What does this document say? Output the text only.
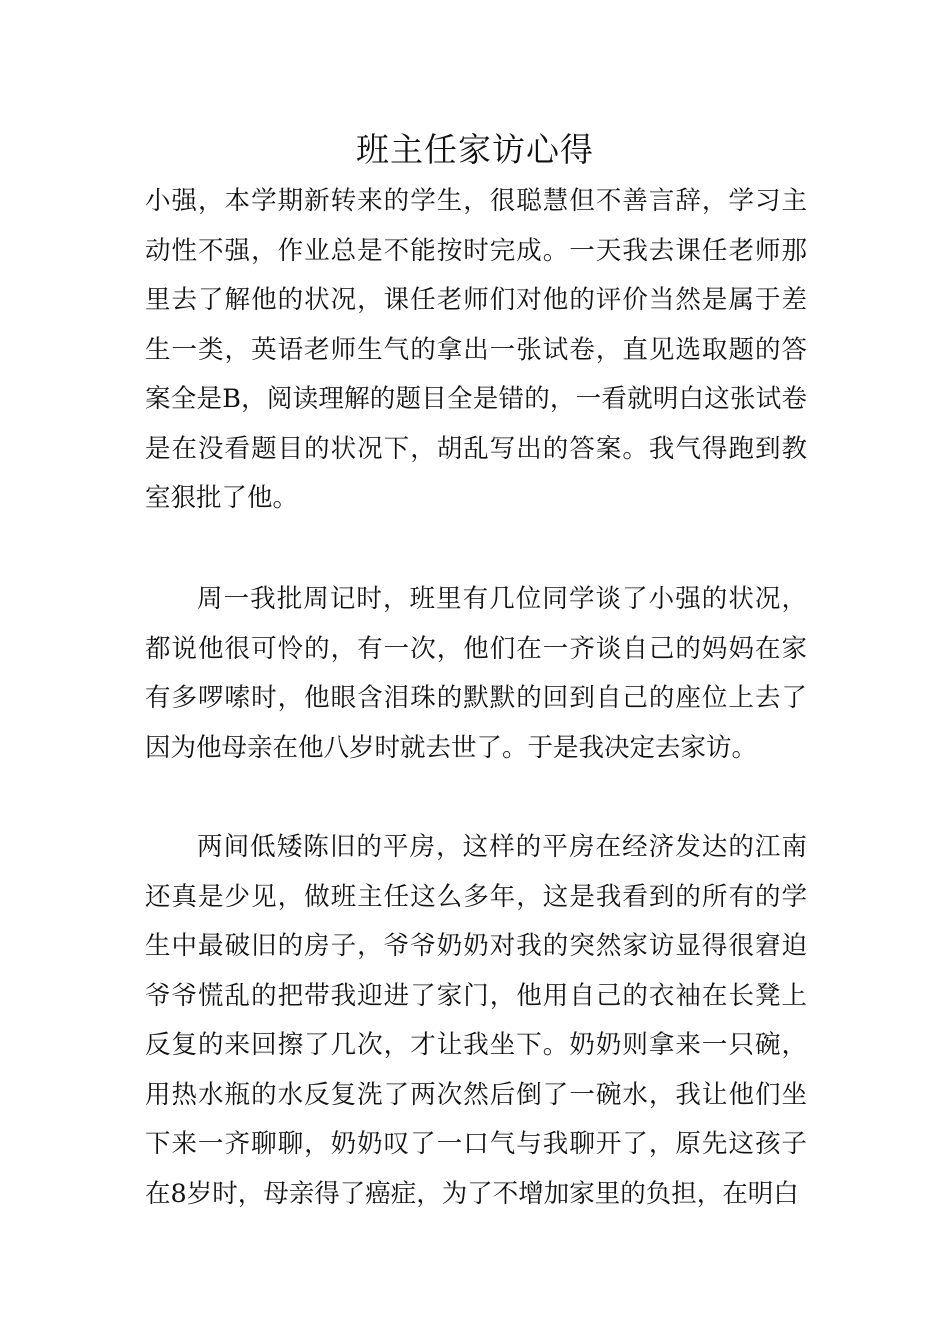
班主任家访心得

小强，本学期新转来的学生，很聪慧但不善言辞，学习主动性不强，作业总是不能按时完成。一天我去课任老师那里去了解他的状况，课任老师们对他的评价当然是属于差生一类，英语老师生气的拿出一张试卷，直见选取题的答案全是B，阅读理解的题目全是错的，一看就明白这张试卷是在没看题目的状况下，胡乱写出的答案。我气得跑到教室狠批了他。

周一我批周记时，班里有几位同学谈了小强的状况，都说他很可怜的，有一次，他们在一齐谈自己的妈妈在家有多啰嗦时，他眼含泪珠的默默的回到自己的座位上去了因为他母亲在他八岁时就去世了。于是我决定去家访。

两间低矮陈旧的平房，这样的平房在经济发达的江南还真是少见，做班主任这么多年，这是我看到的所有的学生中最破旧的房子，爷爷奶奶对我的突然家访显得很窘迫爷爷慌乱的把带我迎进了家门，他用自己的衣袖在长凳上反复的来回擦了几次，才让我坐下。奶奶则拿来一只碗，用热水瓶的水反复洗了两次然后倒了一碗水，我让他们坐下来一齐聊聊，奶奶叹了一口气与我聊开了，原先这孩子在8岁时，母亲得了癌症，为了不增加家里的负担，在明白
